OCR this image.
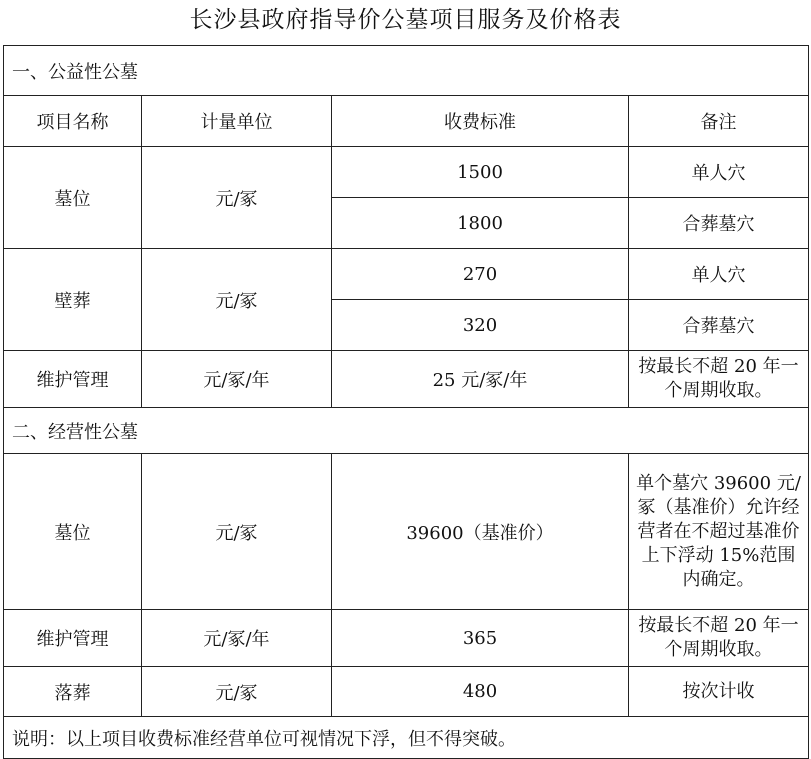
长沙县政府指导价公墓项目服务及价格表
一、公益性公墓			
项目名称	计量单位	收费标准	备注
墓位	元/冢	1500	单人穴
		1800	合葬墓穴
壁葬	元/冢	270	单人穴
		320	合葬墓穴
维护管理	元/冢/年	25 元/冢/年	按最长不超 20 年一个周期收取。
二、经营性公墓			
墓位	元/冢	39600（基准价）	单个墓穴 39600 元/冢（基准价）允许经营者在不超过基准价上下浮动 15%范围内确定。
维护管理	元/冢/年	365	按最长不超 20 年一个周期收取。
落葬	元/冢	480	按次计收
说明：以上项目收费标准经营单位可视情况下浮，但不得突破。			
